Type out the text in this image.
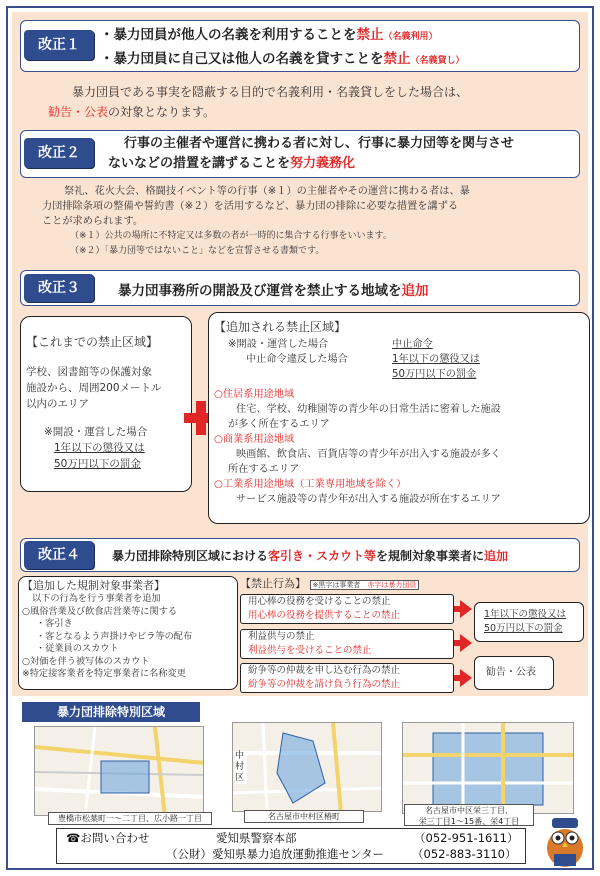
改正１
・暴力団員が他人の名義を利用することを禁止（名義利用）
・暴力団員に自己又は他人の名義を貸すことを禁止（名義貸し）
暴力団員である事実を隠蔽する目的で名義利用・名義貸しをした場合は、
勧告・公表の対象となります。
改正２
行事の主催者や運営に携わる者に対し、行事に暴力団等を関与させ
ないなどの措置を講ずることを努力義務化
祭礼、花火大会、格闘技イベント等の行事（※１）の主催者やその運営に携わる者は、暴
力団排除条項の整備や誓約書（※２）を活用するなど、暴力団の排除に必要な措置を講ずる
ことが求められます。
（※１）公共の場所に不特定又は多数の者が一時的に集合する行事をいいます。
（※２）「暴力団等ではないこと」などを宣誓させる書類です。
改正３	暴力団事務所の開設及び運営を禁止する地域を追加
【これまでの禁止区域】
学校、図書館等の保護対象
施設から、周囲200メートル
以内のエリア
※開設・運営した場合
1年以下の懲役又は
50万円以下の罰金
【追加される禁止区域】
※開設・運営した場合
中止命令違反した場合
中止命令
1年以下の懲役又は
50万円以下の罰金
○住居系用途地域
住宅、学校、幼稚園等の青少年の日常生活に密着した施設
が多く所在するエリア
○商業系用途地域
映画館、飲食店、百貨店等の青少年が出入する施設が多く
所在するエリア
○工業系用途地域（工業専用地域を除く）
サービス施設等の青少年が出入する施設が所在するエリア
改正４	暴力団排除特別区域における客引き・スカウト等を規制対象事業者に追加
【追加した規制対象事業者】
以下の行為を行う事業者を追加
○風俗営業及び飲食店営業等に関する
・客引き
・客となるよう声掛けやビラ等の配布
・従業員のスカウト
○対価を伴う被写体のスカウト
※特定接客業者を特定事業者に名称変更
【禁止行為】 ※黒字は事業者　 赤字は暴力団員
用心棒の役務を受けることの禁止
用心棒の役務を提供することの禁止
利益供与の禁止
利益供与を受けることの禁止
紛争等の仲裁を申し込む行為の禁止
紛争等の仲裁を請け負う行為の禁止
1年以下の懲役又は
50万円以下の罰金
勧告・公表
暴力団排除特別区域
豊橋市松葉町一〜二丁目、広小路一丁目
中村区
名古屋市中村区椿町
名古屋市中区栄三丁目、
栄三丁目1〜15番、栄4丁目
☎お問い合わせ	愛知県警察本部	（052-951-1611）
（公財）愛知県暴力追放運動推進センター （052-883-3110）
